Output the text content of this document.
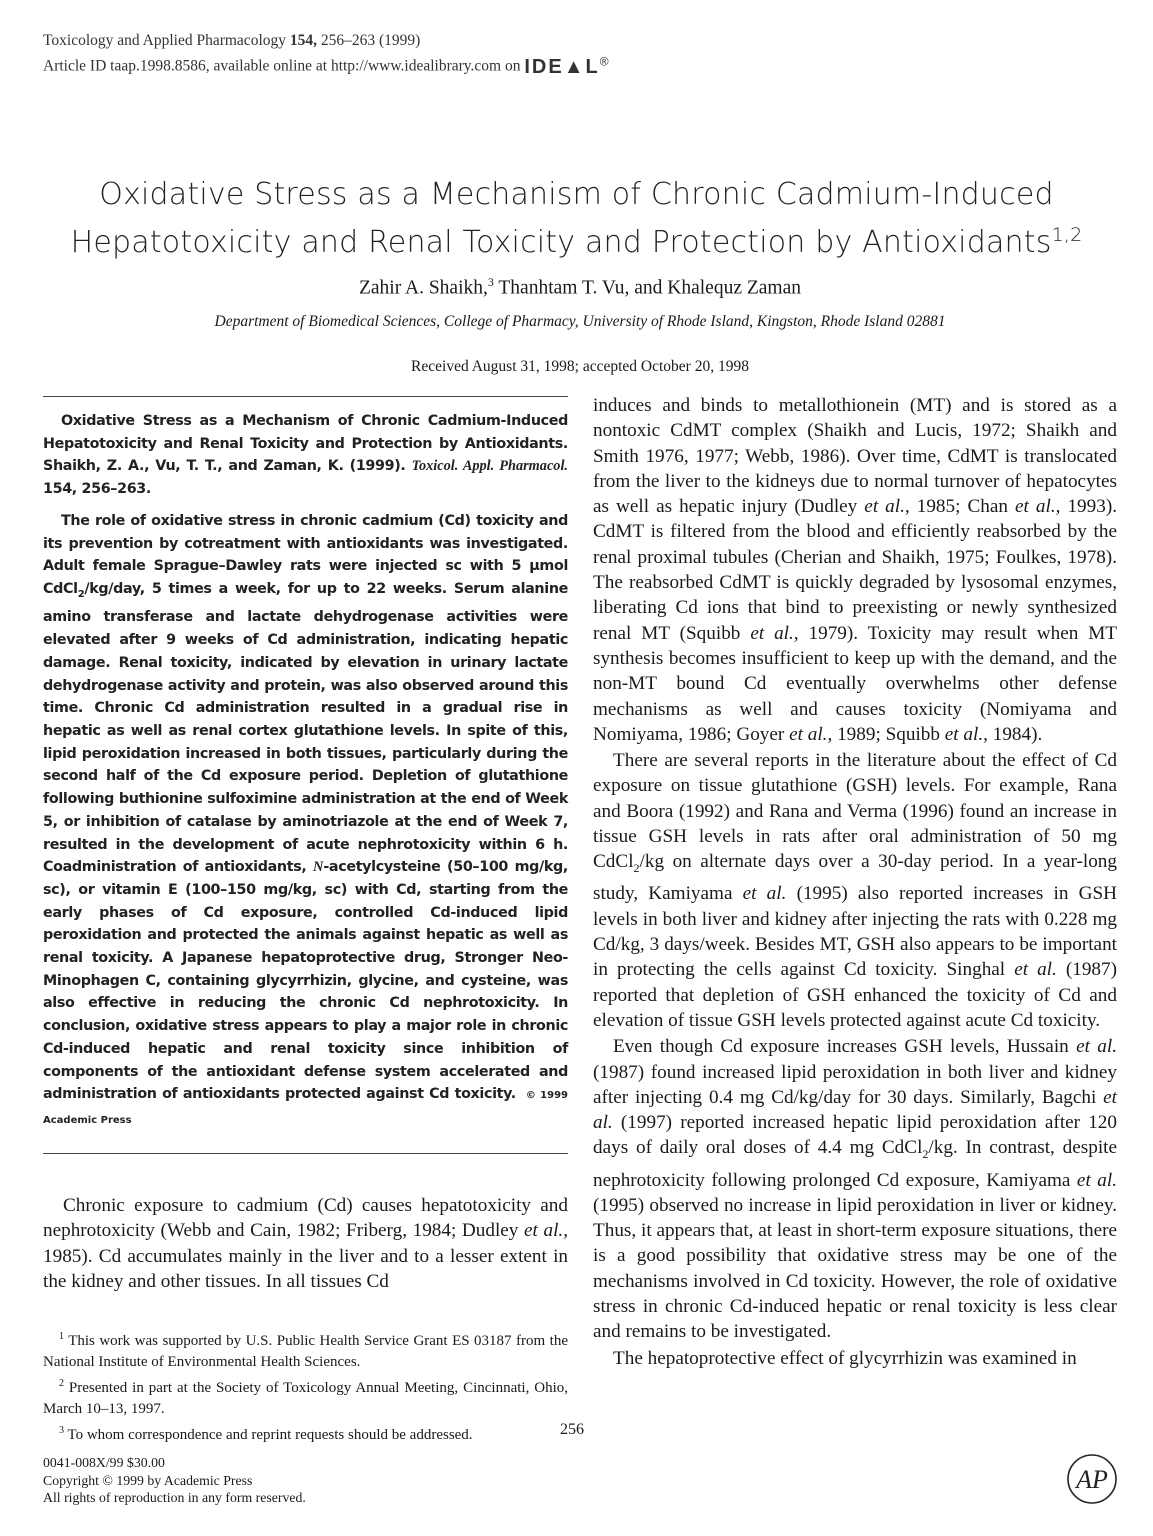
Toxicology and Applied Pharmacology 154, 256–263 (1999)
Article ID taap.1998.8586, available online at http://www.idealibrary.com on IDE▲L®
Oxidative Stress as a Mechanism of Chronic Cadmium-Induced
Hepatotoxicity and Renal Toxicity and Protection by Antioxidants$^{1,2}$
Zahir A. Shaikh,$^3$ Thanhtam T. Vu, and Khalequz Zaman
Department of Biomedical Sciences, College of Pharmacy, University of Rhode Island, Kingston, Rhode Island 02881
Received August 31, 1998; accepted October 20, 1998

Oxidative Stress as a Mechanism of Chronic Cadmium-Induced Hepatotoxicity and Renal Toxicity and Protection by Antioxidants. Shaikh, Z. A., Vu, T. T., and Zaman, K. (1999). Toxicol. Appl. Pharmacol. 154, 256–263.

The role of oxidative stress in chronic cadmium (Cd) toxicity and its prevention by cotreatment with antioxidants was investigated. Adult female Sprague–Dawley rats were injected sc with 5 μmol CdCl$_2$/kg/day, 5 times a week, for up to 22 weeks. Serum alanine amino transferase and lactate dehydrogenase activities were elevated after 9 weeks of Cd administration, indicating hepatic damage. Renal toxicity, indicated by elevation in urinary lactate dehydrogenase activity and protein, was also observed around this time. Chronic Cd administration resulted in a gradual rise in hepatic as well as renal cortex glutathione levels. In spite of this, lipid peroxidation increased in both tissues, particularly during the second half of the Cd exposure period. Depletion of glutathione following buthionine sulfoximine administration at the end of Week 5, or inhibition of catalase by aminotriazole at the end of Week 7, resulted in the development of acute nephrotoxicity within 6 h. Coadministration of antioxidants, N-acetylcysteine (50–100 mg/kg, sc), or vitamin E (100–150 mg/kg, sc) with Cd, starting from the early phases of Cd exposure, controlled Cd-induced lipid peroxidation and protected the animals against hepatic as well as renal toxicity. A Japanese hepatoprotective drug, Stronger Neo-Minophagen C, containing glycyrrhizin, glycine, and cysteine, was also effective in reducing the chronic Cd nephrotoxicity. In conclusion, oxidative stress appears to play a major role in chronic Cd-induced hepatic and renal toxicity since inhibition of components of the antioxidant defense system accelerated and administration of antioxidants protected against Cd toxicity. © 1999 Academic Press

Chronic exposure to cadmium (Cd) causes hepatotoxicity and nephrotoxicity (Webb and Cain, 1982; Friberg, 1984; Dudley et al., 1985). Cd accumulates mainly in the liver and to a lesser extent in the kidney and other tissues. In all tissues Cd

$^1$ This work was supported by U.S. Public Health Service Grant ES 03187 from the National Institute of Environmental Health Sciences.

$^2$ Presented in part at the Society of Toxicology Annual Meeting, Cincinnati, Ohio, March 10–13, 1997.

$^3$ To whom correspondence and reprint requests should be addressed.

induces and binds to metallothionein (MT) and is stored as a nontoxic CdMT complex (Shaikh and Lucis, 1972; Shaikh and Smith 1976, 1977; Webb, 1986). Over time, CdMT is translocated from the liver to the kidneys due to normal turnover of hepatocytes as well as hepatic injury (Dudley et al., 1985; Chan et al., 1993). CdMT is filtered from the blood and efficiently reabsorbed by the renal proximal tubules (Cherian and Shaikh, 1975; Foulkes, 1978). The reabsorbed CdMT is quickly degraded by lysosomal enzymes, liberating Cd ions that bind to preexisting or newly synthesized renal MT (Squibb et al., 1979). Toxicity may result when MT synthesis becomes insufficient to keep up with the demand, and the non-MT bound Cd eventually overwhelms other defense mechanisms as well and causes toxicity (Nomiyama and Nomiyama, 1986; Goyer et al., 1989; Squibb et al., 1984).

There are several reports in the literature about the effect of Cd exposure on tissue glutathione (GSH) levels. For example, Rana and Boora (1992) and Rana and Verma (1996) found an increase in tissue GSH levels in rats after oral administration of 50 mg CdCl$_2$/kg on alternate days over a 30-day period. In a year-long study, Kamiyama et al. (1995) also reported increases in GSH levels in both liver and kidney after injecting the rats with 0.228 mg Cd/kg, 3 days/week. Besides MT, GSH also appears to be important in protecting the cells against Cd toxicity. Singhal et al. (1987) reported that depletion of GSH enhanced the toxicity of Cd and elevation of tissue GSH levels protected against acute Cd toxicity.

Even though Cd exposure increases GSH levels, Hussain et al. (1987) found increased lipid peroxidation in both liver and kidney after injecting 0.4 mg Cd/kg/day for 30 days. Similarly, Bagchi et al. (1997) reported increased hepatic lipid peroxidation after 120 days of daily oral doses of 4.4 mg CdCl$_2$/kg. In contrast, despite nephrotoxicity following prolonged Cd exposure, Kamiyama et al. (1995) observed no increase in lipid peroxidation in liver or kidney. Thus, it appears that, at least in short-term exposure situations, there is a good possibility that oxidative stress may be one of the mechanisms involved in Cd toxicity. However, the role of oxidative stress in chronic Cd-induced hepatic or renal toxicity is less clear and remains to be investigated.

The hepatoprotective effect of glycyrrhizin was examined in

256
0041-008X/99 $30.00
Copyright © 1999 by Academic Press
All rights of reproduction in any form reserved.
AP
